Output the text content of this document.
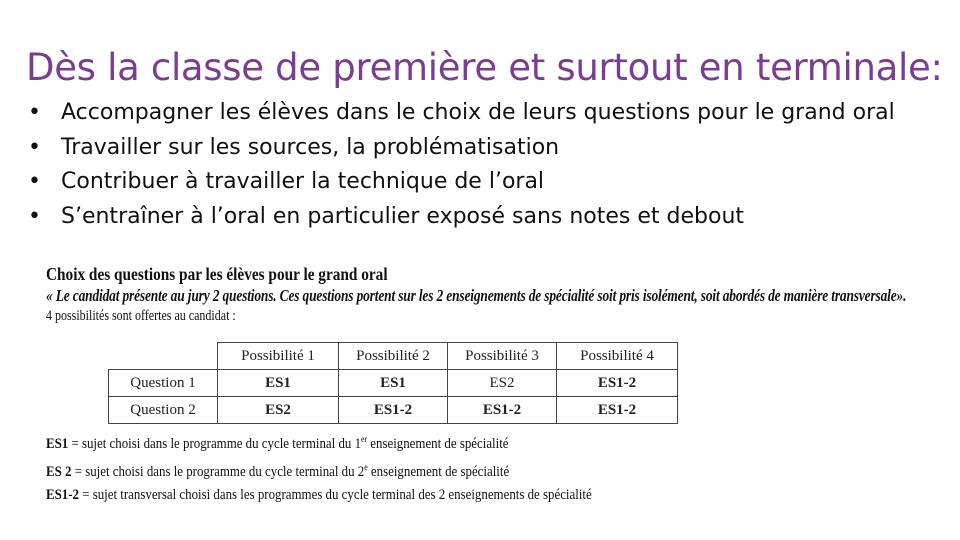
Dès la classe de première et surtout en terminale:
• Accompagner les élèves dans le choix de leurs questions pour le grand oral
• Travailler sur les sources, la problématisation
• Contribuer à travailler la technique de l’oral
• S’entraîner à l’oral en particulier exposé sans notes et debout

Choix des questions par les élèves pour le grand oral

« Le candidat présente au jury 2 questions. Ces questions portent sur les 2 enseignements de spécialité soit pris isolément, soit abordés de manière transversale».

4 possibilités sont offertes au candidat :

	Possibilité 1	Possibilité 2	Possibilité 3	Possibilité 4
Question 1	ES1	ES1	ES2	ES1-2
Question 2	ES2	ES1-2	ES1-2	ES1-2

ES1 = sujet choisi dans le programme du cycle terminal du 1er enseignement de spécialité

ES 2 = sujet choisi dans le programme du cycle terminal du 2e enseignement de spécialité

ES1-2 = sujet transversal choisi dans les programmes du cycle terminal des 2 enseignements de spécialité
